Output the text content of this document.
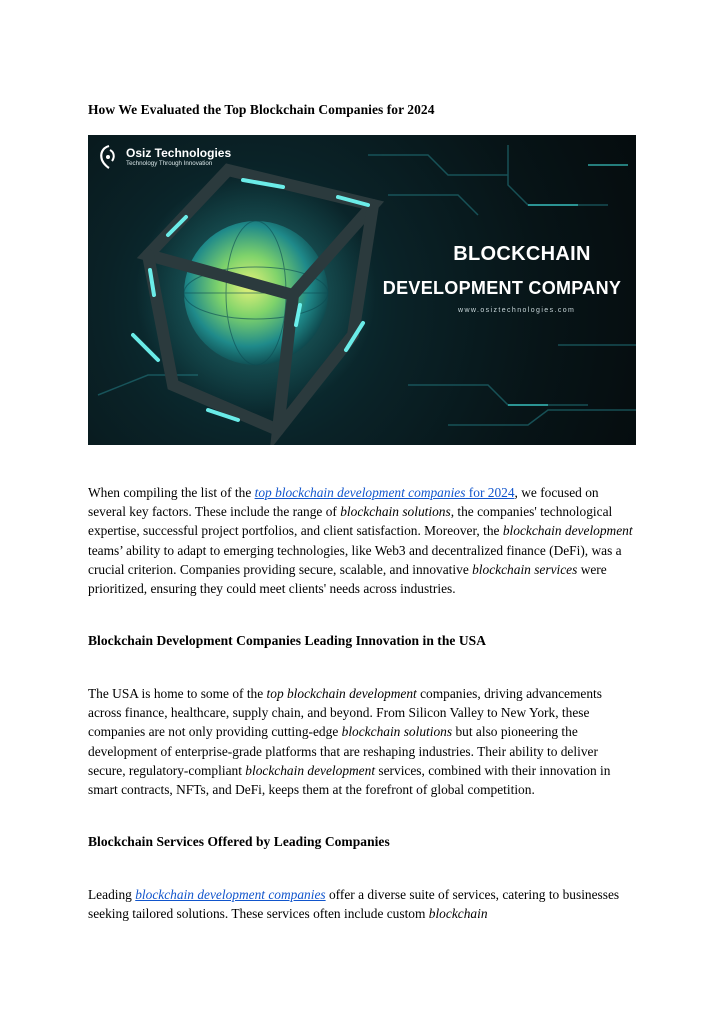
How We Evaluated the Top Blockchain Companies for 2024
Osiz Technologies
Technology Through Innovation
BLOCKCHAIN
DEVELOPMENT COMPANY
www.osiztechnologies.com

When compiling the list of the top blockchain development companies for 2024, we focused on several key factors. These include the range of blockchain solutions, the companies' technological expertise, successful project portfolios, and client satisfaction. Moreover, the blockchain development teams’ ability to adapt to emerging technologies, like Web3 and decentralized finance (DeFi), was a crucial criterion. Companies providing secure, scalable, and innovative blockchain services were prioritized, ensuring they could meet clients' needs across industries.

Blockchain Development Companies Leading Innovation in the USA

The USA is home to some of the top blockchain development companies, driving advancements across finance, healthcare, supply chain, and beyond. From Silicon Valley to New York, these companies are not only providing cutting-edge blockchain solutions but also pioneering the development of enterprise-grade platforms that are reshaping industries. Their ability to deliver secure, regulatory-compliant blockchain development services, combined with their innovation in smart contracts, NFTs, and DeFi, keeps them at the forefront of global competition.

Blockchain Services Offered by Leading Companies

Leading blockchain development companies offer a diverse suite of services, catering to businesses seeking tailored solutions. These services often include custom blockchain
